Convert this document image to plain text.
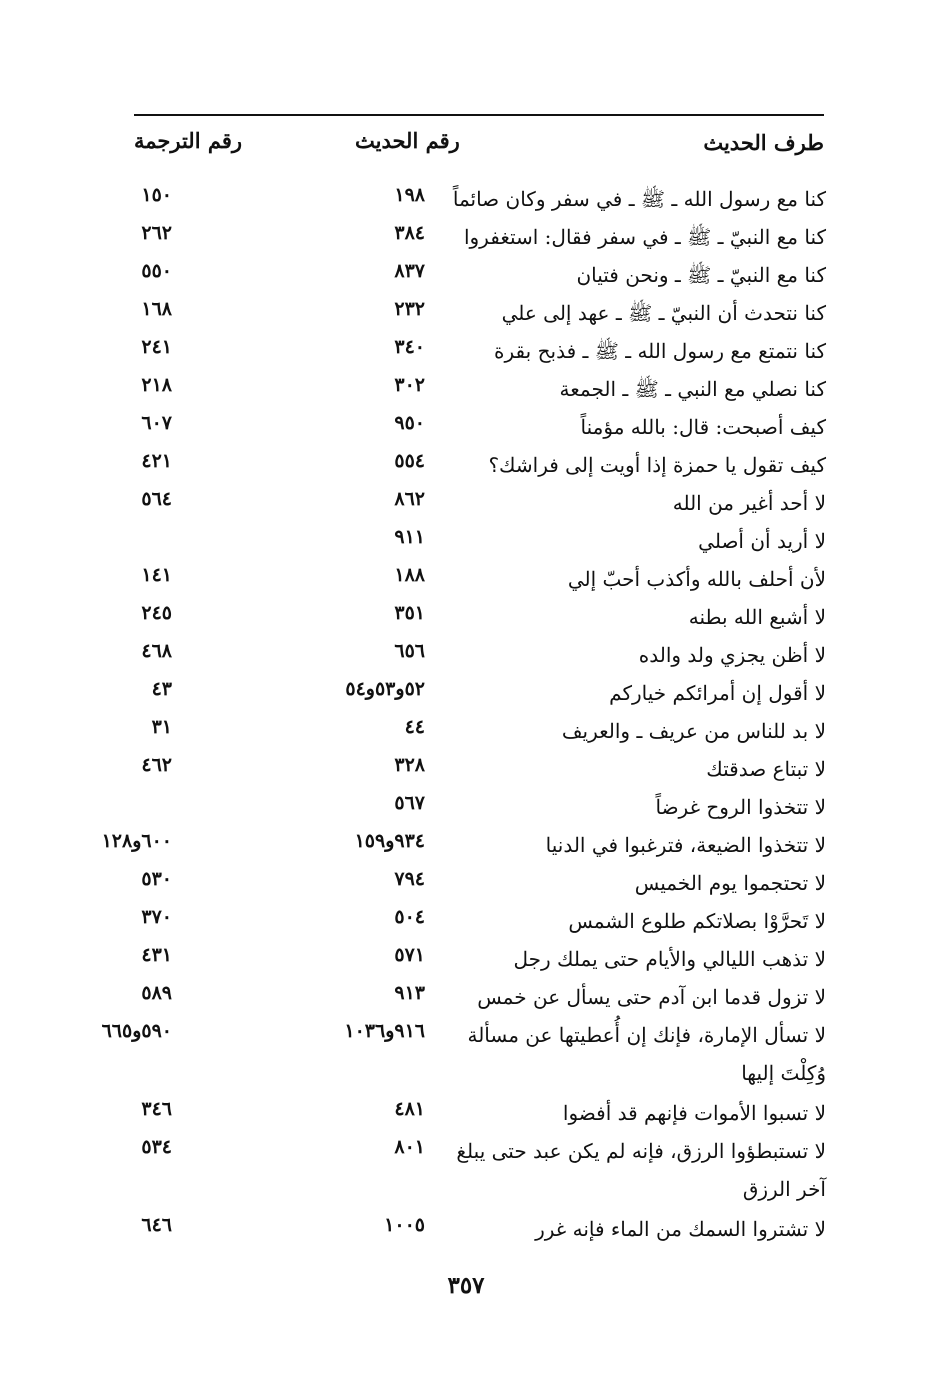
طرف الحديث
رقم الحديث
رقم الترجمة
كنا مع رسول الله ـ ﷺ ـ في سفر وكان صائماً
١٩٨
١٥٠
كنا مع النبيّ ـ ﷺ ـ في سفر فقال: استغفروا
٣٨٤
٢٦٢
كنا مع النبيّ ـ ﷺ ـ ونحن فتيان
٨٣٧
٥٥٠
كنا نتحدث أن النبيّ ـ ﷺ ـ عهد إلى علي
٢٣٢
١٦٨
كنا نتمتع مع رسول الله ـ ﷺ ـ فذبح بقرة
٣٤٠
٢٤١
كنا نصلي مع النبي ـ ﷺ ـ الجمعة
٣٠٢
٢١٨
كيف أصبحت: قال: بالله مؤمناً
٩٥٠
٦٠٧
كيف تقول يا حمزة إذا أويت إلى فراشك؟
٥٥٤
٤٢١
لا أحد أغير من الله
٨٦٢
٥٦٤
لا أريد أن أصلي
٩١١
لأن أحلف بالله وأكذب أحبّ إلي
١٨٨
١٤١
لا أشبع الله بطنه
٣٥١
٢٤٥
لا أظن يجزي ولد والده
٦٥٦
٤٦٨
لا أقول إن أمرائكم خياركم
٥٢و٥٣و٥٤
٤٣
لا بد للناس من عريف ـ والعريف
٤٤
٣١
لا تبتاع صدقتك
٣٢٨
٤٦٢
لا تتخذوا الروح غرضاً
٥٦٧
لا تتخذوا الضيعة، فترغبوا في الدنيا
٩٣٤و١٥٩
٦٠٠و١٢٨
لا تحتجموا يوم الخميس
٧٩٤
٥٣٠
لا تَحرَّوْا بصلاتكم طلوع الشمس
٥٠٤
٣٧٠
لا تذهب الليالي والأيام حتى يملك رجل
٥٧١
٤٣١
لا تزول قدما ابن آدم حتى يسأل عن خمس
٩١٣
٥٨٩
لا تسأل الإمارة، فإنك إن أُعطيتها عن مسألة وُكِلْتَ إليها
٩١٦و١٠٣٦
٥٩٠و٦٦٥
لا تسبوا الأموات فإنهم قد أفضوا
٤٨١
٣٤٦
لا تستبطؤوا الرزق، فإنه لم يكن عبد حتى يبلغ آخر الرزق
٨٠١
٥٣٤
لا تشتروا السمك من الماء فإنه غرر
١٠٠٥
٦٤٦
٣٥٧
